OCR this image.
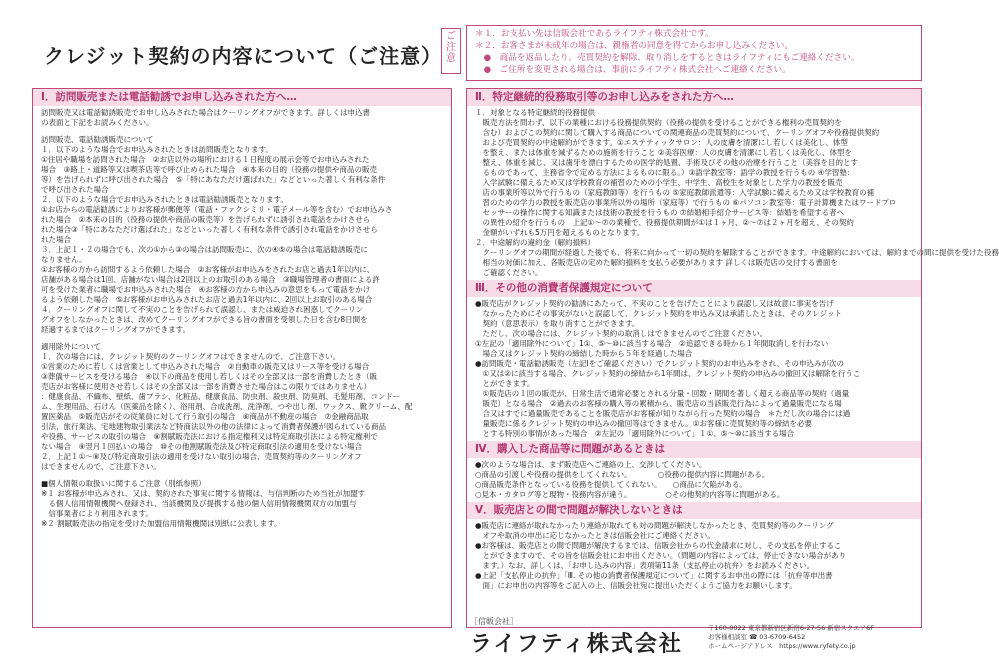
クレジット契約の内容について（ご注意）
ご注意
＊１．お支払い先は信販会社であるライフティ株式会社です。
＊２．お客さまが未成年の場合は、親権者の同意を得てからお申し込みください。
　●　商品を返品したり、売買契約を解除、取り消しをするときはライフティにもご連絡ください。
　●　ご住所を変更される場合は、事前にライフティ株式会社へご連絡ください。
Ⅰ．訪問販売または電話勧誘でお申し込みされた方へ…
訪問販売又は電話勧誘販売でお申し込みされた場合はクーリングオフができます。詳しくは申込書
の表面と下記をお読みください。
訪問販売、電話勧誘販売について
１．以下のような場合でお申込みされたときは訪問販売となります。
①住居や職場を訪問された場合　②お店以外の場所における１日程度の展示会等でお申込みされた
場合　③路上・道路等又は喫茶店等で呼び止められた場合　④本来の目的（役務の提供や商品の販売
等）を告げられずに呼び出された場合　⑤「特にあなただけ選ばれた」などといった著しく有利な条件
で呼び出された場合
２．以下のような場合でお申込みされたときは電話勧誘販売となります。
①お店からの電話勧誘によりお客様が郵便等（電話・ファクシミリ・電子メール等を含む）でお申込みさ
れた場合　②本来の目的（役務の提供や商品の販売等）を告げられずに誘引され電話をかけさせら
れた場合③「特にあなただけ選ばれた」などといった著しく有利な条件で誘引され電話をかけさせら
れた場合
３．上記１・２の場合でも、次の①から③の場合は訪問販売に、次の④⑤の場合は電話勧誘販売に
なりません。
①お客様の方から訪問するよう依頼した場合　②お客様がお申込みをされたお店と過去1年以内に、
店舗がある場合は1回、店舗がない場合は2回以上のお取引のある場合　③職場管理者の書面による許
可を受けた業者に職場でお申込みされた場合　④お客様の方から申込みの意思をもって電話をかけ
るよう依頼した場合　⑤お客様がお申込みされたお店と過去1年以内に、2回以上お取引のある場合
４．クーリングオフに関して不実のことを告げられて誤認し、または威迫され困惑してクーリン
グオフをしなかったときは、改めてクーリングオフができる旨の書面を受領した日を含む8日間を
経過するまではクーリングオフができます。
適用除外について
１．次の場合には、クレジット契約のクーリングオフはできませんので、ご注意下さい。
①営業のために若しくは営業として申込みされた場合　②自動車の販売又はリース等を受ける場合
③葬儀サービスを受ける場合　④以下の商品を使用し若しくはその全部又は一部を消費したとき（販
売店がお客様に使用させ若しくはその全部又は一部を消費させた場合はこの限りではありません）
：健康食品、不織布、壁紙、歯ブラシ、化粧品、健康食品、防虫剤、殺虫剤、防臭剤、毛髪用剤、コンドー
ム、生理用品、石けん（医薬品を除く）、浴用剤、合成洗剤、洗浄剤、つや出し剤、ワックス、靴クリーム、配
置医薬品　⑤販売店がその従業員に対して行う取引の場合　⑥商品が不動産の場合　⑦金融商品取
引法、旅行業法、宅地建物取引業法など特商法以外の他の法律によって消費者保護が図られている商品
や役務、サービスの取引の場合　⑧割賦販売法における指定権利又は特定商取引法による特定権利で
ない場合　⑨翌月１回払いの場合　⑩その他割賦販売法及び特定商取引法の適用を受けない場合
２．上記１①～⑧及び特定商取引法の適用を受けない取引の場合、売買契約等のクーリングオフ
はできませんので、ご注意下さい。
■個人情報の取扱いに関するご注意（別紙参照）
※１ お客様が申込みされ、又は、契約された事実に関する情報は、与信判断のため当社が加盟す
　る個人信用情報機関へ登録され、当該機関及び提携する他の個人信用情報機関双方の加盟与
　信事業者により利用されます。
※２ 割賦販売法の指定を受けた加盟信用情報機関は別紙に公表します。
Ⅱ．特定継続的役務取引等のお申し込みをされた方へ…
１．対象となる特定継続的役務提供
　販売方法を問わず、以下の業種における役務提供契約（役務の提供を受けることができる権利の売買契約を
　含む）およびこの契約に関して購入する商品についての関連商品の売買契約について、クーリングオフや役務提供契約
　および売買契約の中途解約ができます。①エステティックサロン：人の皮膚を清潔にし若しくは美化し、体型
　を整え、または体重を減ずるための施術を行うこと ②美容医療：人の皮膚を清潔にし若しくは美化し、体型を
　整え、体重を減じ、又は歯牙を漂白するための医学的処置、手術及びその他の治療を行うこと（美容を目的とす
　るものであって、主務省令で定める方法によるものに限る。）③語学教室等：語学の教授を行うもの ④学習塾：
　入学試験に備えるため又は学校教育の補習のための小学生、中学生、高校生を対象とした学力の教授を販売
　店の事業所等以外で行うもの（家庭教師等）を行うもの ⑤家庭教師派遣等：入学試験に備えるため又は学校教育の補
　習のための学力の教授を販売店の事業所以外の場所（家庭等）で行うもの ⑥パソコン教室等：電子計算機またはワードプロ
　セッサーの操作に関する知識または技術の教授を行うもの ⑦結婚相手紹介サービス等：結婚を希望する者へ
　の異性の紹介を行うもの　上記①～⑦の業種で、役務提供期間が①は１ヶ月、②～⑦は２ヶ月を超え、その契約
　金額がいずれも5万円を超えるものとなります。
２．中途解約の違約金（解約損料）
　クーリングオフの期間が経過した後でも、将来に向かって一切の契約を解除することができます。中途解約においては、解約までの間に提供を受けた役務
　相当の対価に加え、各販売店の定めた解約損料を支払う必要があります 詳しくは販売店の交付する書面を
　ご確認ください。
Ⅲ．その他の消費者保護規定について
●販売店がクレジット契約の勧誘にあたって、不実のことを告げたことにより誤認し又は故意に事実を告げ
　なかったためにその事実がないと誤認して、クレジット契約を申込み又は承諾したときは、そのクレジット
　契約（意思表示）を取り消すことができます。
　ただし、次の場合には、クレジット契約の取消しはできませんのでご注意ください。
①左記の「適用除外について」1①、⑤～⑩に該当する場合　②追認できる時から１年間取消しを行わない
　場合又はクレジット契約の締結した時から５年を経過した場合
●訪問販売・電話勧誘販売（左記Ⅰをご確認ください）でクレジット契約のお申込みをされ、その申込みが次の
　①又は②に該当する場合、クレジット契約の締結から1年間は、クレジット契約の申込みの撤回又は解除を行うこ
　とができます。
　①販売店の１回の販売が、日常生活で通常必要とされる分量・回数・期間を著しく超える商品等の契約（過量
　販売）となる場合　②過去のお客様の購入等の累積から、販売店の当該販売行為によって過量販売になる場
　合又はすでに過量販売であることを販売店がお客様が知りながら行った契約の場合　＊ただし次の場合には過
　量販売に係るクレジット契約の申込みの撤回等はできません。①お客様に売買契約等の締結を必要
　とする特別の事情があった場合　②左記の「適用除外について」１①、⑤～⑩に該当する場合
Ⅳ．購入した商品等に問題があるときは
●次のような場合は、まず販売店へご連絡の上、交渉してください。
○商品の引渡しや役務の提供をしてくれない。　　　　○役務の提供内容に問題がある。
○商品販売条件となっている役務を提供してくれない。　　○商品に欠陥がある。
○見本・カタログ等と現物・役務内容が違う。　　　　　○その他契約内容等に問題がある。
Ⅴ．販売店との間で問題が解決しないときは
●販売店に連絡が取れなかったり連絡が取れても対の問題が解決しなかったとき、売買契約等のクーリング
　オフや取消の申出に応じなかったときは信販会社にご連絡ください。
●お客様は、販売店との間で問題が解決するまでは、信販会社からの代金請求に対し、その支払を停止するこ
　とができますので、その旨を信販会社にお申出ください。（問題の内容によっては、停止できない場合があり
　ます。）なお、詳しくは、「お申し込みの内容」表項第11条（支払停止の抗弁）をお読みください。
●上記「支払停止の抗弁」「Ⅲ. その他の消費者保護規定について」に関するお申出の際には「抗弁等申出書
　面」にお申出の内容等をご記入の上、信販会社宛に提出いただくようご協力をお願いします。
［信販会社］
ライフティ株式会社
〒160-0022 東京都新宿区新宿6-27-56 新宿スクエア6F
お客様相談室 ☎ 03-6709-6452
ホームページアドレス　https://www.ryfety.co.jp
